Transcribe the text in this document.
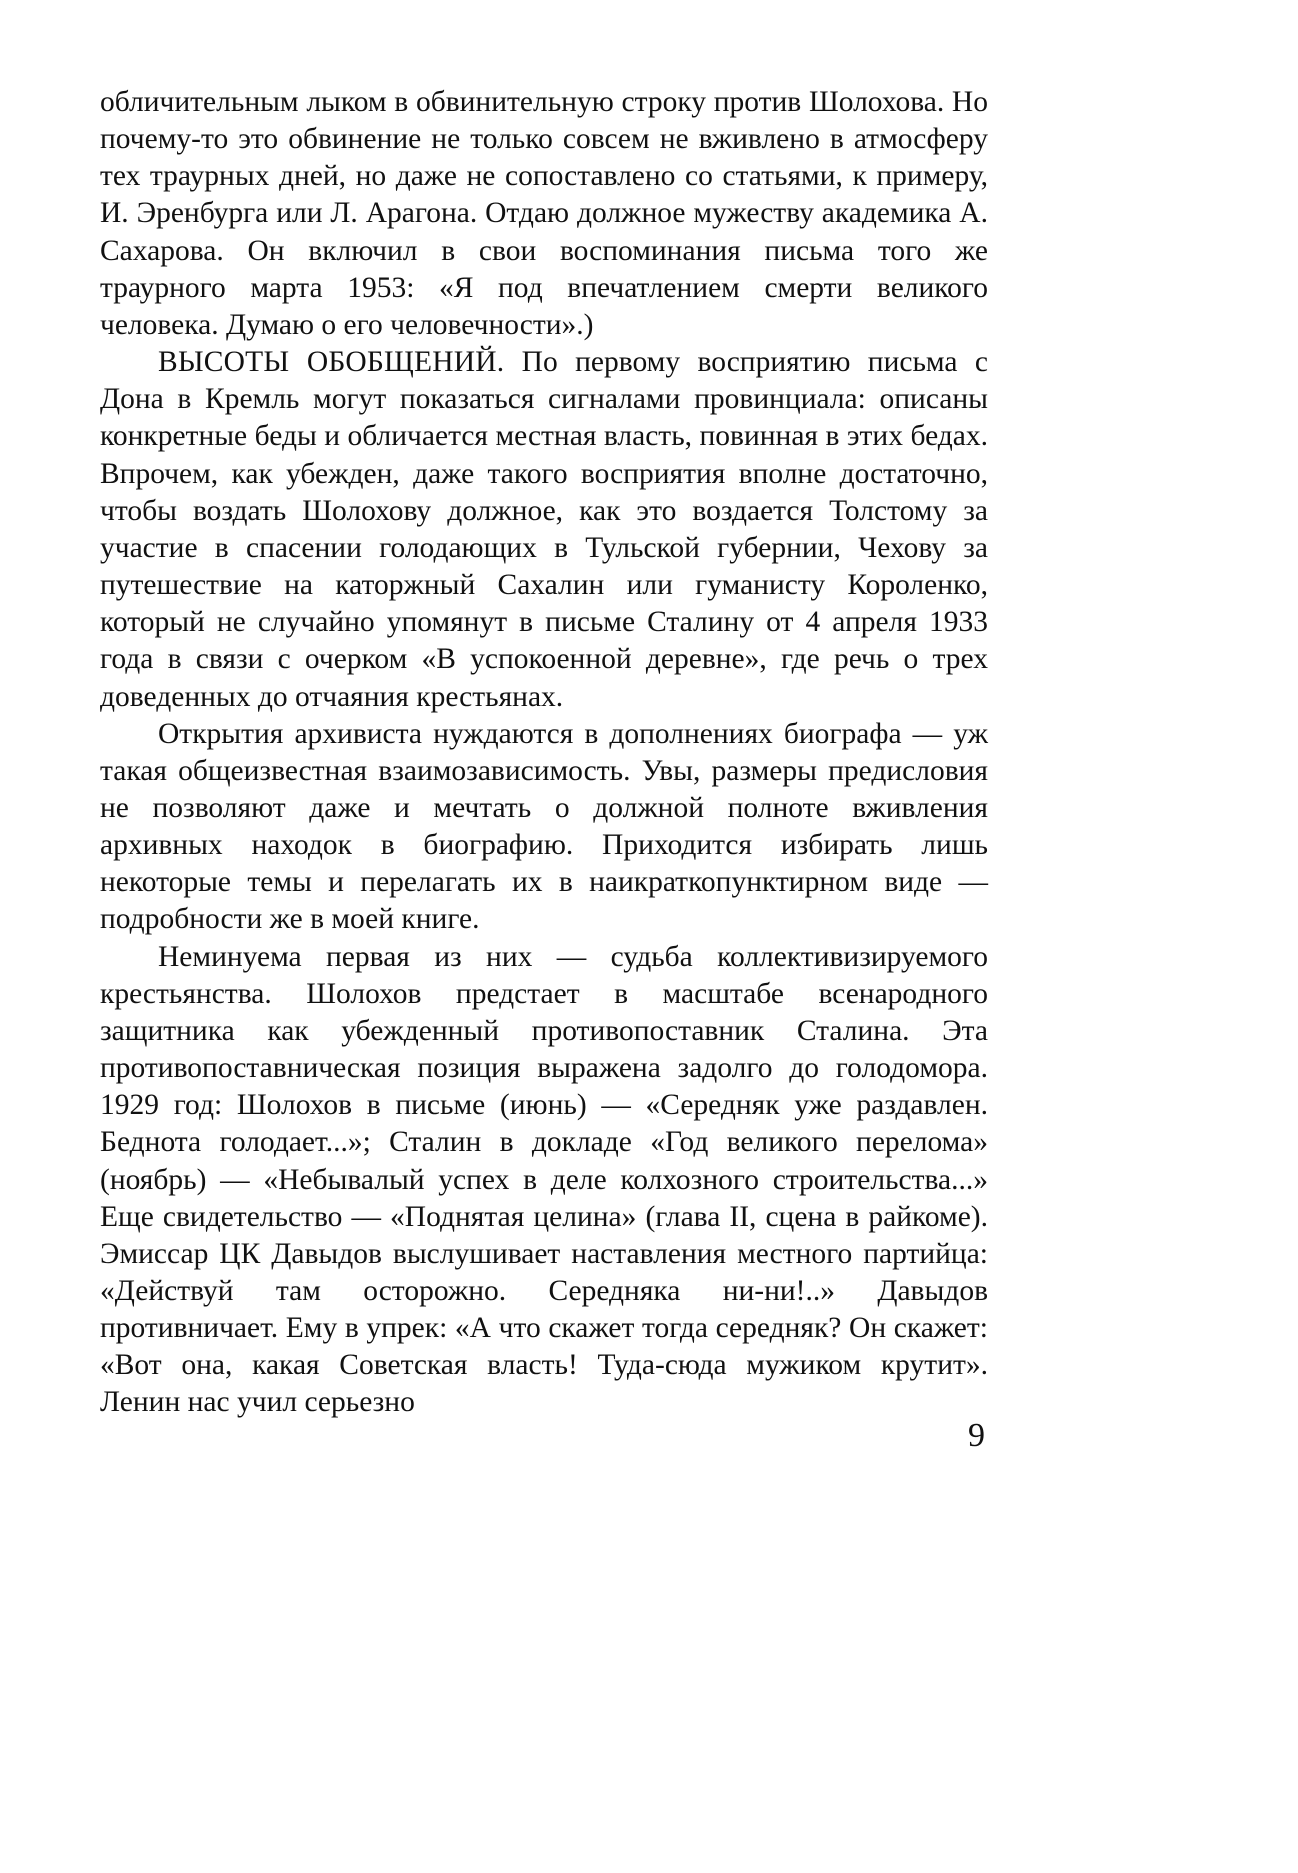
обличительным лыком в обвинительную строку против Шолохова. Но почему-то это обвинение не только совсем не вживлено в атмосферу тех траурных дней, но даже не сопоставлено со статьями, к примеру, И. Эренбурга или Л. Арагона. Отдаю должное мужеству академика А. Сахарова. Он включил в свои воспоминания письма того же траурного марта 1953: «Я под впечатлением смерти великого человека. Думаю о его человечности».)

ВЫСОТЫ ОБОБЩЕНИЙ. По первому восприятию письма с Дона в Кремль могут показаться сигналами провинциала: описаны конкретные беды и обличается местная власть, повинная в этих бедах. Впрочем, как убежден, даже такого восприятия вполне достаточно, чтобы воздать Шолохову должное, как это воздается Толстому за участие в спасении голодающих в Тульской губернии, Чехову за путешествие на каторжный Сахалин или гуманисту Короленко, который не случайно упомянут в письме Сталину от 4 апреля 1933 года в связи с очерком «В успокоенной деревне», где речь о трех доведенных до отчаяния крестьянах.

Открытия архивиста нуждаются в дополнениях биографа — уж такая общеизвестная взаимозависимость. Увы, размеры предисловия не позволяют даже и мечтать о должной полноте вживления архивных находок в биографию. Приходится избирать лишь некоторые темы и перелагать их в наикраткопунктирном виде — подробности же в моей книге.

Неминуема первая из них — судьба коллективизируемого крестьянства. Шолохов предстает в масштабе всенародного защитника как убежденный противопоставник Сталина. Эта противопоставническая позиция выражена задолго до голодомора. 1929 год: Шолохов в письме (июнь) — «Середняк уже раздавлен. Беднота голодает...»; Сталин в докладе «Год великого перелома» (ноябрь) — «Небывалый успех в деле колхозного строительства...» Еще свидетельство — «Поднятая целина» (глава II, сцена в райкоме). Эмиссар ЦК Давыдов выслушивает наставления местного партийца: «Действуй там осторожно. Середняка ни-ни!..» Давыдов противничает. Ему в упрек: «А что скажет тогда середняк? Он скажет: «Вот она, какая Советская власть! Туда-сюда мужиком крутит». Ленин нас учил серьезно

9
